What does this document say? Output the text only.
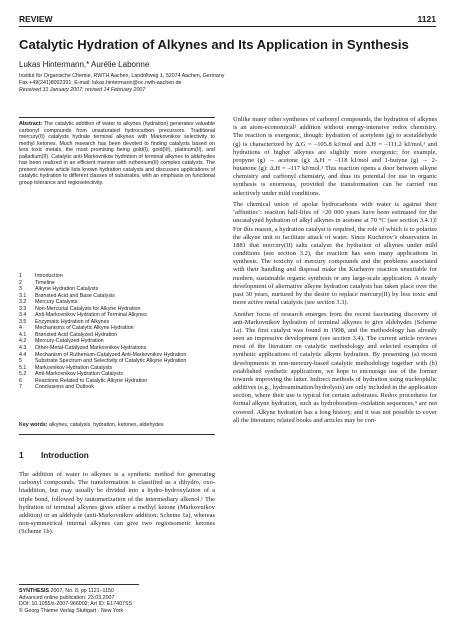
REVIEW	1121
Catalytic Hydration of Alkynes and Its Application in Synthesis
Lukas Hintermann,* Aurélie Labonne
Institut für Organische Chemie, RWTH Aachen, Landoltweg 1, 52074 Aachen, Germany
Fax +49(241)8092391; E-mail: lukas.hintermann@oc.rwth-aachen.de
Received 31 January 2007; revised 14 February 2007

Abstract: The catalytic addition of water to alkynes (hydration) generates valuable carbonyl compounds from unsaturated hydrocarbon precursors. Traditional mercury(II) catalysts hydrate terminal alkynes with Markovnikov selectivity to methyl ketones. Much research has been devoted to finding catalysts based on less toxic metals, the most promising being gold(I), gold(III), platinum(II), and palladium(II). Catalytic anti-Markovnikov hydration of terminal alkynes to aldehydes has been realized in an efficient manner with ruthenium(II) complex catalysts. The present review article lists known hydration catalysts and discusses applications of catalytic hydration to different classes of substrates, with an emphasis on functional group tolerance and regioselectivity.

1	Introduction
2	Timeline
3	Alkyne Hydration Catalysts
3.1	Brønsted Acid and Base Catalysis
3.2	Mercury Catalysts
3.3	Non-Mercurial Catalysts for Alkyne Hydration
3.4	Anti-Markovnikov Hydration of Terminal Alkynes
3.5	Enzymatic Hydration of Alkynes
4	Mechanisms of Catalytic Alkyne Hydration
4.1	Brønsted Acid Catalyzed Hydration
4.2	Mercury-Catalyzed Hydration
4.3	Other-Metal-Catalyzed Markovnikov Hydrations
4.4	Mechanism of Ruthenium-Catalyzed Anti-Markovnikov Hydration
5	Substrate Spectrum and Selectivity of Catalytic Alkyne Hydration
5.1	Markovnikov Hydration Catalysts
5.2	Anti-Markovnikov Hydration Catalysts
6	Reactions Related to Catalytic Alkyne Hydration
7	Conclusions and Outlook
Key words: alkynes, catalysis, hydration, ketones, aldehydes
1 Introduction

The addition of water to alkynes is a synthetic method for generating carbonyl compounds. The transformation is classified as a dihydro, oxo-biaddition, but may usually be divided into a hydro-hydroxylation of a triple bond, followed by tautomerization of the intermediary alkenol.¹ The hydration of terminal alkynes gives either a methyl ketone (Markovnikov addition) or an aldehyde (anti-Markovnikov addition; Scheme 1a), whereas non-symmetrical internal alkynes can give two regioisomeric ketones (Scheme 1b).

SYNTHESIS 2007, No. 8, pp 1121–1150
Advanced online publication: 23.03.2007
DOI: 10.1055/s-2007-966002; Art ID: E17407SS
© Georg Thieme Verlag Stuttgart · New York

Unlike many other syntheses of carbonyl compounds, the hydration of alkynes is an atom-economical² addition without energy-intensive redox chemistry. The reaction is exergonic, though: hydration of acetylene (g) to acetaldehyde (g) is characterized by ΔᵣG = –105.8 kJ/mol and ΔᵣH = –111.2 kJ/mol,³ and hydrations of higher alkynes are slightly more exergonic; for example, propyne (g) → acetone (g): ΔᵣH = –118 kJ/mol and 1-butyne (g) → 2-butanone (g): ΔᵣH = –117 kJ/mol.³ This reaction opens a door between alkyne chemistry and carbonyl chemistry, and thus its potential for use in organic synthesis is enormous, provided the transformation can be carried out selectively under mild conditions.

The chemical union of apolar hydrocarbons with water is against their ‘affinities’: reaction half-lifes of >20 000 years have been estimated for the uncatalyzed hydration of alkyl alkynes in acetone at 70 °C (see section 3.4.1)! For this reason, a hydration catalyst is required, the role of which is to polarize the alkyne unit to facilitate attack of water. Since Kucherov’s observation in 1881 that mercury(II) salts catalyze the hydration of alkynes under mild conditions (see section 3.2), the reaction has seen many applications in synthesis. The toxicity of mercury compounds and the problems associated with their handling and disposal make the Kucherov reaction unsuitable for modern, sustainable organic synthesis or any large-scale application. A steady development of alternative alkyne hydration catalysts has taken place over the past 30 years, nurtured by the desire to replace mercury(II) by less toxic and more active metal catalysts (see section 3.3).

Another focus of research emerges from the recent fascinating discovery of anti-Markovnikov hydration of terminal alkynes to give aldehydes (Scheme 1a). The first catalyst was found in 1998, and the methodology has already seen an impressive development (see section 3.4). The current article reviews most of the literature on catalytic methodology and selected examples of synthetic applications of catalytic alkyne hydration. By presenting (a) recent developments in non-mercury-based catalytic methodology together with (b) established synthetic applications, we hope to encourage use of the former towards improving the latter. Indirect methods of hydration using nucleophilic additives (e.g., hydroamination/hydrolysis) are only included in the application section, where their use is typical for certain substrates. Redox procedures for formal alkyne hydration, such as hydroboration–oxidation sequences,⁴ are not covered. Alkyne hydration has a long history, and it was not possible to cover all the literature; related books and articles may be con-
